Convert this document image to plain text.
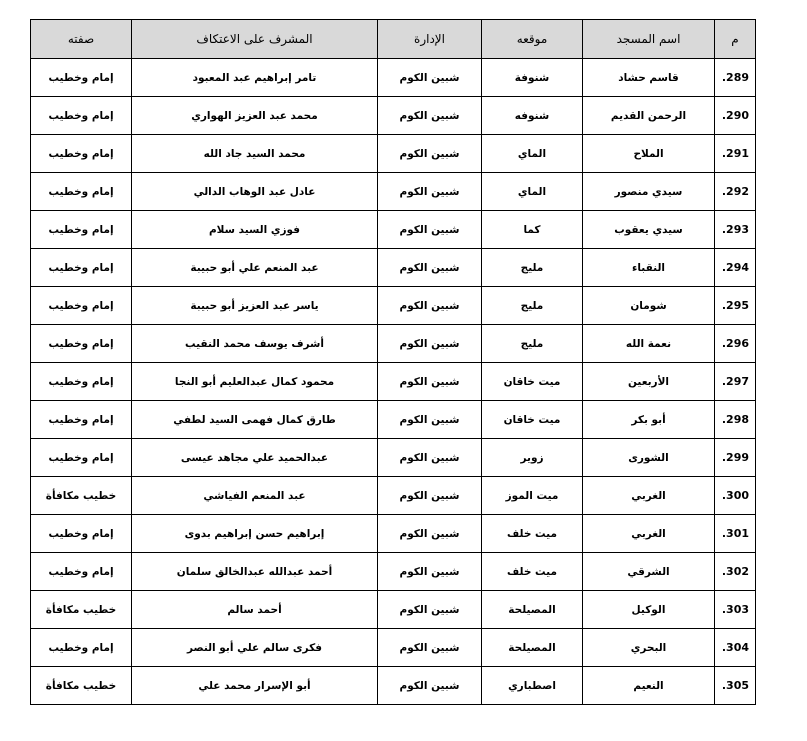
م	اسم المسجد	موقعه	الإدارة	المشرف على الاعتكاف	صفته
.289	قاسم حشاد	شنوفة	شبين الكوم	تامر إبراهيم عبد المعبود	إمام وخطيب
.290	الرحمن القديم	شنوفه	شبين الكوم	محمد عبد العزيز الهواري	إمام وخطيب
.291	الملاح	الماي	شبين الكوم	محمد السيد جاد الله	إمام وخطيب
.292	سيدي منصور	الماي	شبين الكوم	عادل عبد الوهاب الدالي	إمام وخطيب
.293	سيدي يعقوب	كما	شبين الكوم	فوزي السيد سلام	إمام وخطيب
.294	النقباء	مليج	شبين الكوم	عبد المنعم علي أبو حبيبة	إمام وخطيب
.295	شومان	مليج	شبين الكوم	ياسر عبد العزيز أبو حبيبة	إمام وخطيب
.296	نعمة الله	مليج	شبين الكوم	أشرف يوسف محمد النقيب	إمام وخطيب
.297	الأربعين	ميت خاقان	شبين الكوم	محمود كمال عبدالعليم أبو النجا	إمام وخطيب
.298	أبو بكر	ميت خاقان	شبين الكوم	طارق كمال فهمى السيد لطفي	إمام وخطيب
.299	الشورى	زوير	شبين الكوم	عبدالحميد علي مجاهد عيسى	إمام وخطيب
.300	الغربي	ميت الموز	شبين الكوم	عبد المنعم الفياشي	خطيب مكافأة
.301	الغربي	ميت خلف	شبين الكوم	إبراهيم حسن إبراهيم بدوى	إمام وخطيب
.302	الشرقي	ميت خلف	شبين الكوم	أحمد عبدالله عبدالخالق سلمان	إمام وخطيب
.303	الوكيل	المصيلحة	شبين الكوم	أحمد سالم	خطيب مكافأة
.304	البحري	المصيلحة	شبين الكوم	فكرى سالم علي أبو النصر	إمام وخطيب
.305	النعيم	اصطباري	شبين الكوم	أبو الإسرار محمد علي	خطيب مكافأة
